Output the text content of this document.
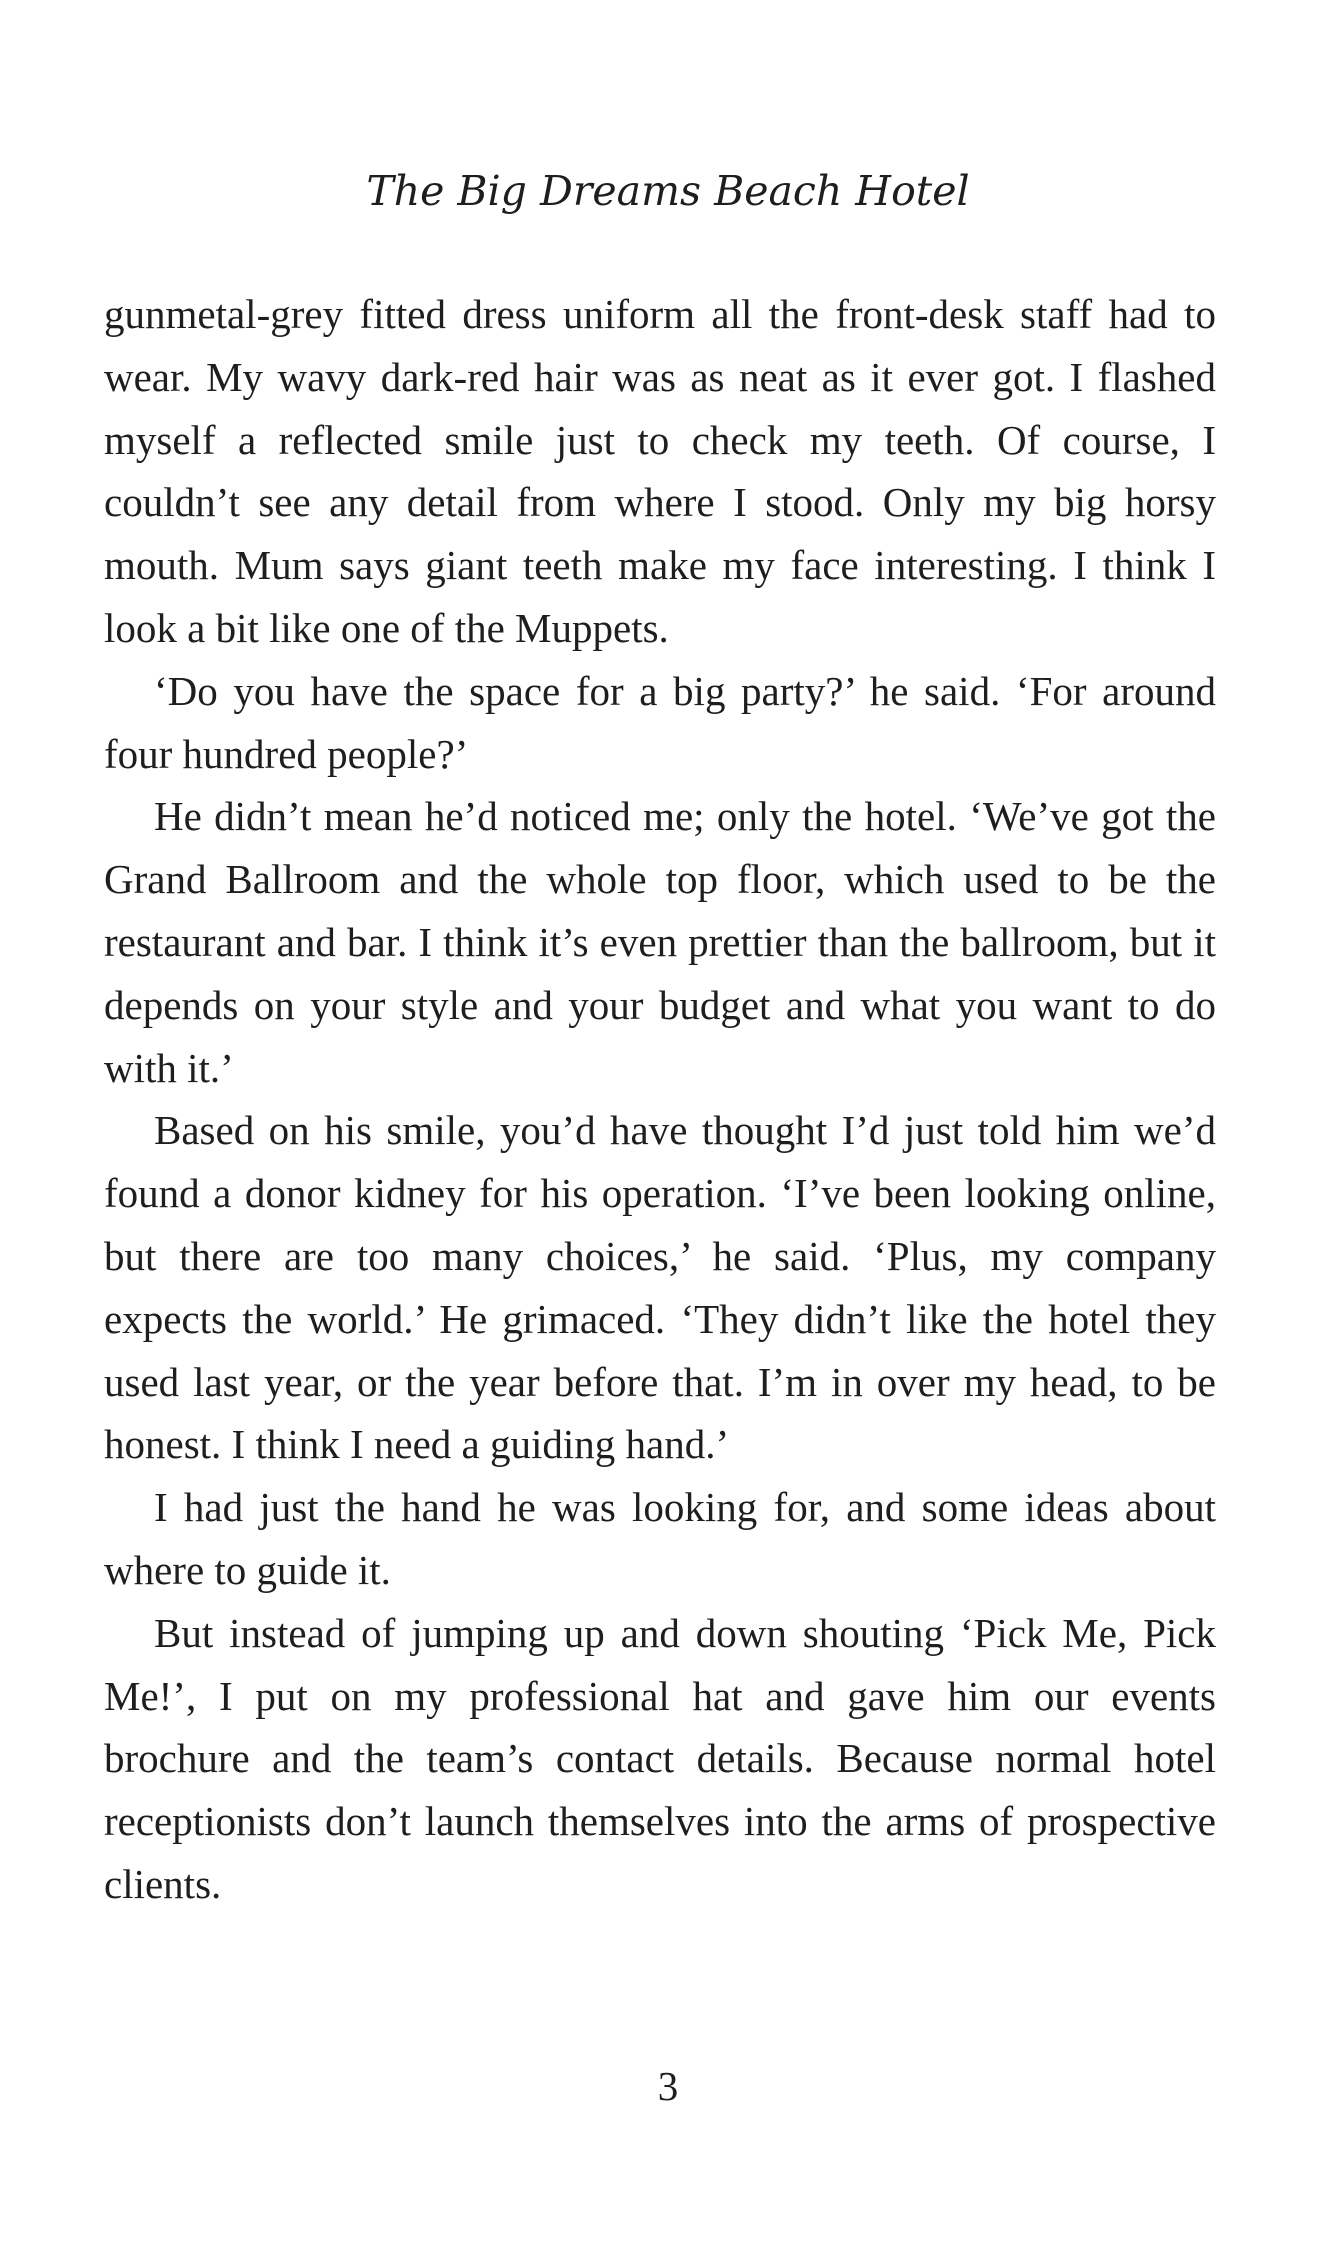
The Big Dreams Beach Hotel

gunmetal-grey fitted dress uniform all the front-desk staff had to wear. My wavy dark-red hair was as neat as it ever got. I flashed myself a reflected smile just to check my teeth. Of course, I couldn’t see any detail from where I stood. Only my big horsy mouth. Mum says giant teeth make my face interesting. I think I look a bit like one of the Muppets.

‘Do you have the space for a big party?’ he said. ‘For around four hundred people?’

He didn’t mean he’d noticed me; only the hotel. ‘We’ve got the Grand Ballroom and the whole top floor, which used to be the restaurant and bar. I think it’s even prettier than the ballroom, but it depends on your style and your budget and what you want to do with it.’

Based on his smile, you’d have thought I’d just told him we’d found a donor kidney for his operation. ‘I’ve been looking online, but there are too many choices,’ he said. ‘Plus, my company expects the world.’ He grimaced. ‘They didn’t like the hotel they used last year, or the year before that. I’m in over my head, to be honest. I think I need a guiding hand.’

I had just the hand he was looking for, and some ideas about where to guide it.

But instead of jumping up and down shouting ‘Pick Me, Pick Me!’, I put on my professional hat and gave him our events brochure and the team’s contact details. Because normal hotel receptionists don’t launch themselves into the arms of prospective clients.

3
